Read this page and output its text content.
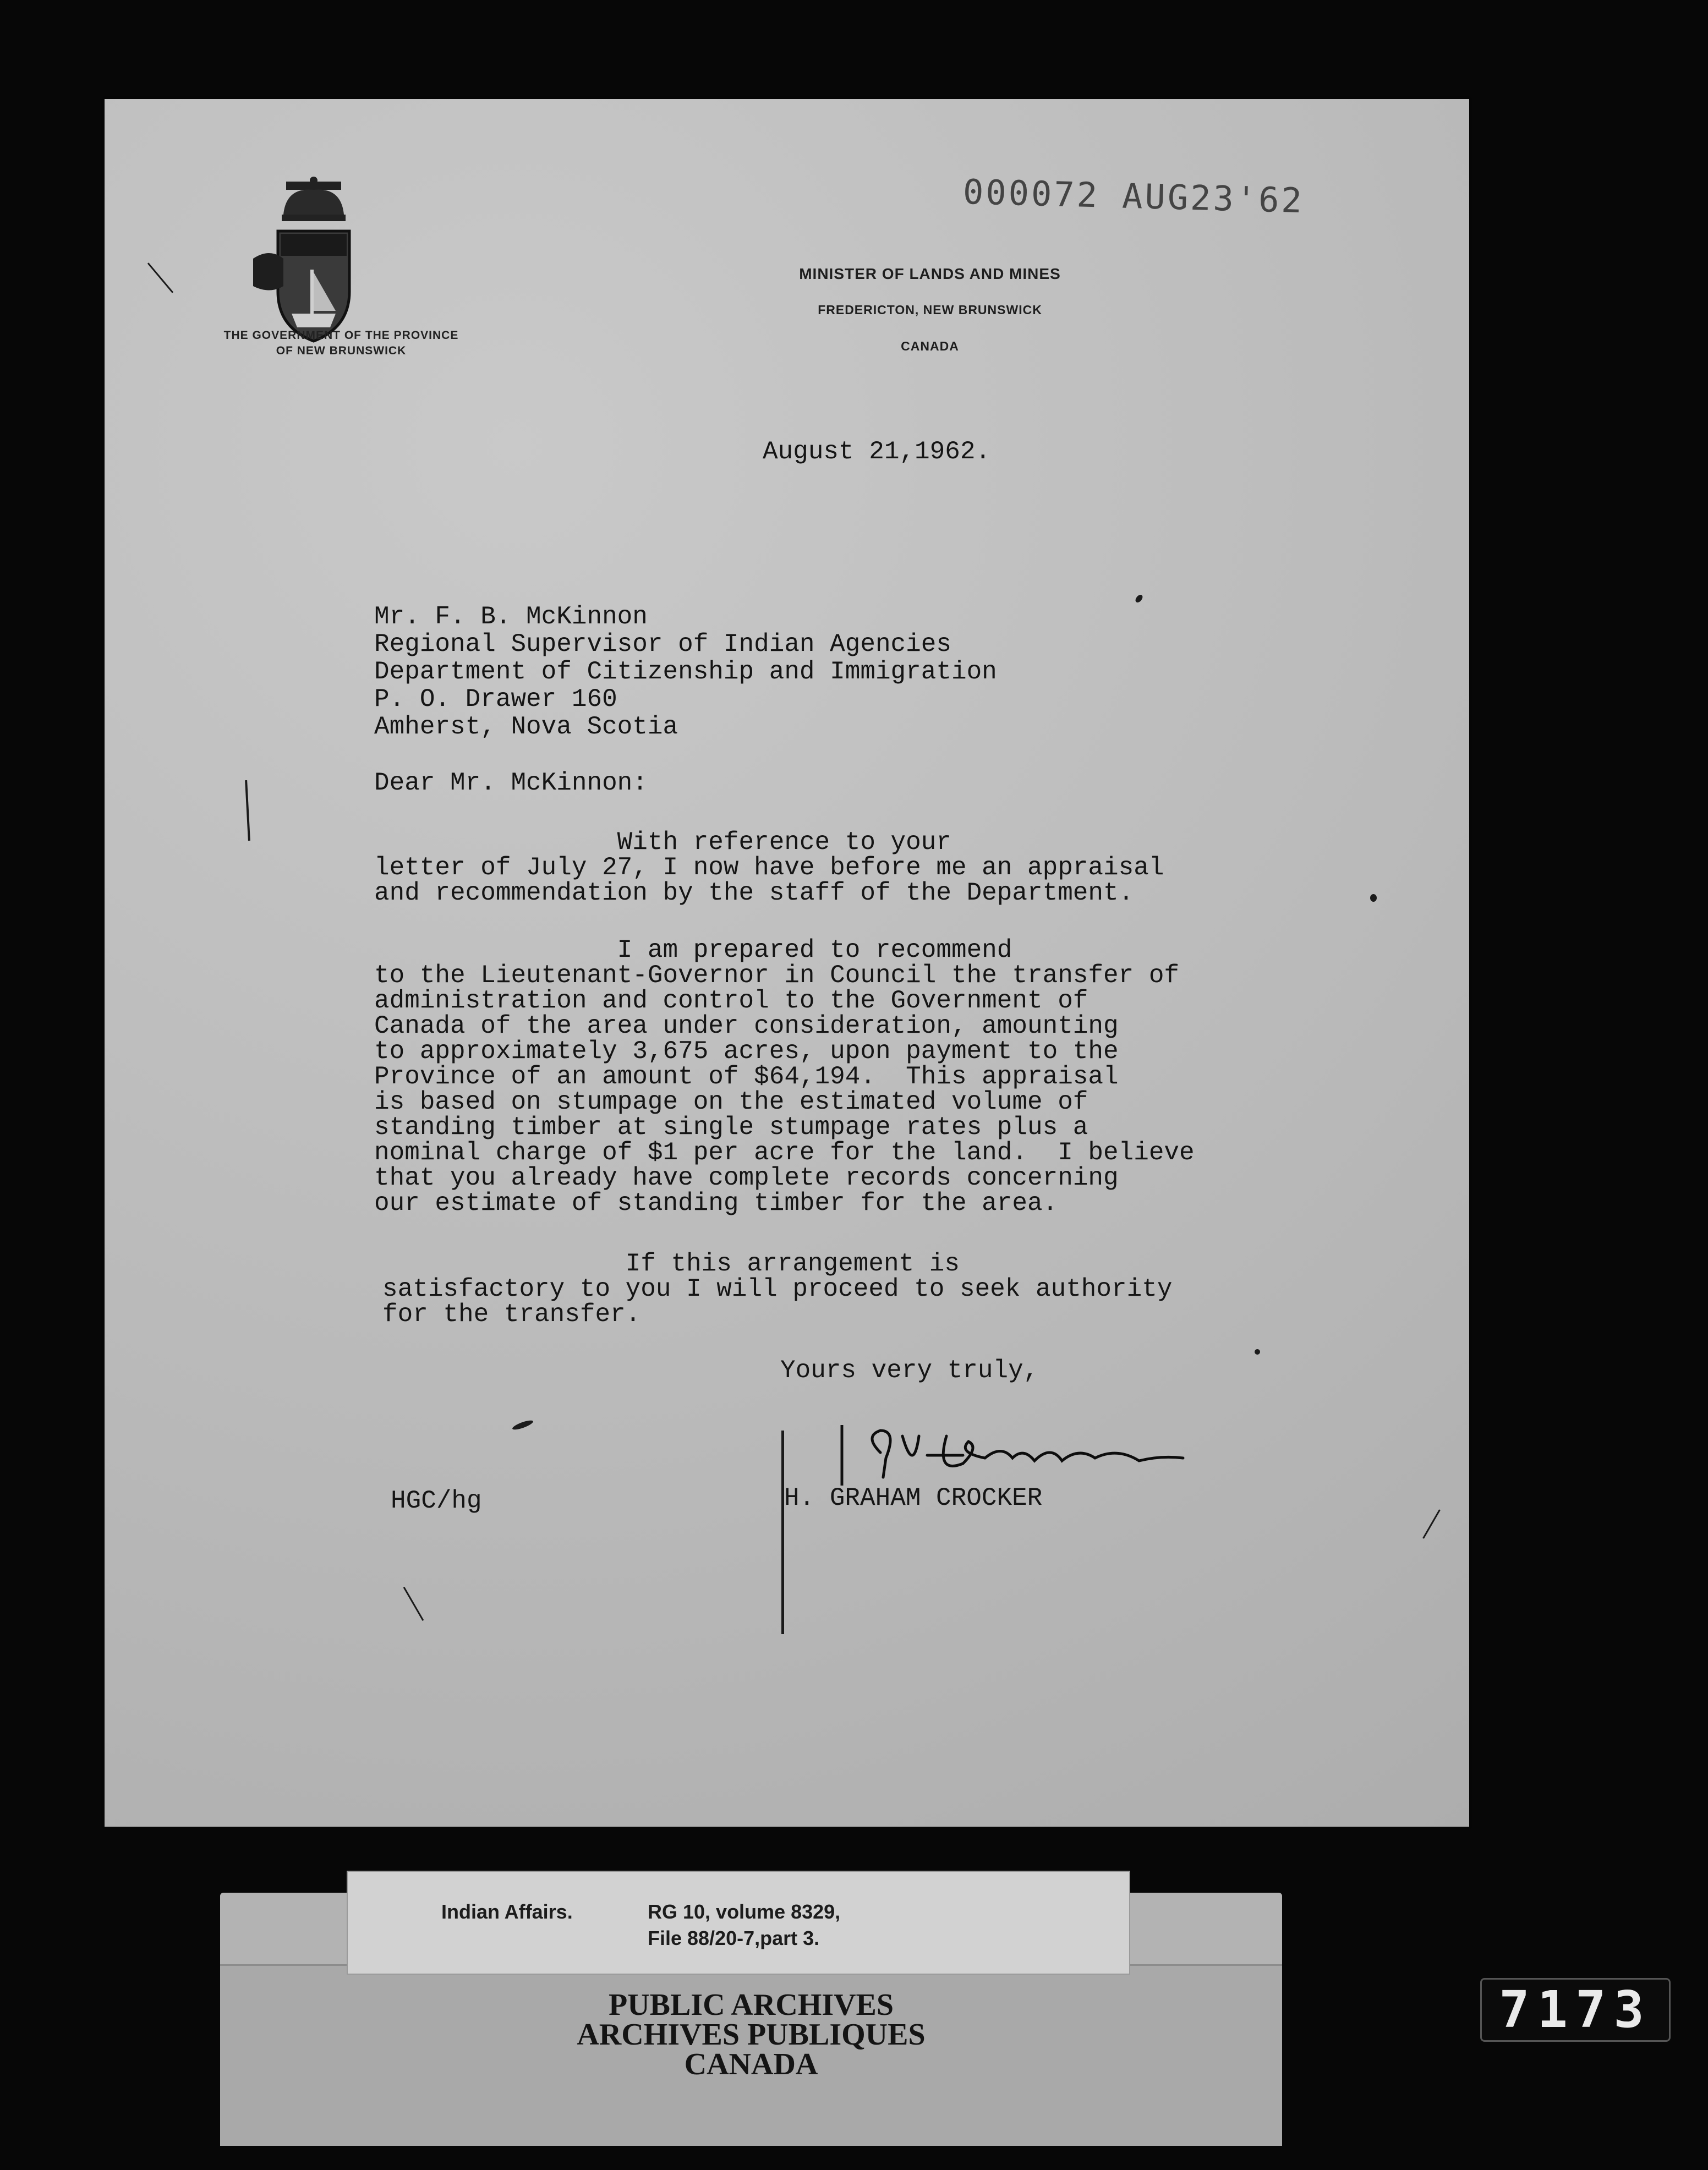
THE GOVERNMENT OF THE PROVINCE
OF NEW BRUNSWICK
MINISTER OF LANDS AND MINES
FREDERICTON, NEW BRUNSWICK
CANADA
000072 AUG23'62
August 21,1962.
Mr. F. B. McKinnon
Regional Supervisor of Indian Agencies
Department of Citizenship and Immigration
P. O. Drawer 160
Amherst, Nova Scotia
Dear Mr. McKinnon:
With reference to your
letter of July 27, I now have before me an appraisal
and recommendation by the staff of the Department.
I am prepared to recommend
to the Lieutenant-Governor in Council the transfer of
administration and control to the Government of
Canada of the area under consideration, amounting
to approximately 3,675 acres, upon payment to the
Province of an amount of $64,194.  This appraisal
is based on stumpage on the estimated volume of
standing timber at single stumpage rates plus a
nominal charge of $1 per acre for the land.  I believe
that you already have complete records concerning
our estimate of standing timber for the area.
If this arrangement is
satisfactory to you I will proceed to seek authority
for the transfer.
Yours very truly,
HGC/hg	H. GRAHAM CROCKER
Indian Affairs.	RG 10, volume 8329,
File 88/20-7,part 3.
PUBLIC ARCHIVES
ARCHIVES PUBLIQUES
CANADA
7173
